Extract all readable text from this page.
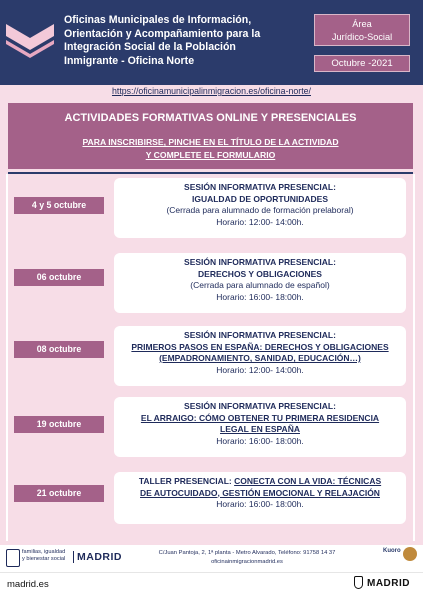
Oficinas Municipales de Información,
Orientación y Acompañamiento para la
Integración Social de la Población
Inmigrante - Oficina Norte
Área
Jurídico-Social
Octubre -2021
https://oficinamunicipalinmigracion.es/oficina-norte/
ACTIVIDADES FORMATIVAS ONLINE Y PRESENCIALES
PARA INSCRIBIRSE, PINCHE EN EL TÍTULO DE LA ACTIVIDAD
Y COMPLETE EL FORMULARIO
4 y 5 octubre
SESIÓN INFORMATIVA PRESENCIAL:
IGUALDAD DE OPORTUNIDADES
(Cerrada para alumnado de formación prelaboral)
Horario: 12:00- 14:00h.
06 octubre
SESIÓN INFORMATIVA PRESENCIAL:
DERECHOS Y OBLIGACIONES
(Cerrada para alumnado de español)
Horario: 16:00- 18:00h.
08 octubre
SESIÓN INFORMATIVA PRESENCIAL:
PRIMEROS PASOS EN ESPAÑA: DERECHOS Y OBLIGACIONES
(EMPADRONAMIENTO, SANIDAD, EDUCACIÓN…)
Horario: 12:00- 14:00h.
19 octubre
SESIÓN INFORMATIVA PRESENCIAL:
EL ARRAIGO: CÓMO OBTENER TU PRIMERA RESIDENCIA
LEGAL EN ESPAÑA
Horario: 16:00- 18:00h.
21 octubre
TALLER PRESENCIAL: CONECTA CON LA VIDA: TÉCNICAS
DE AUTOCUIDADO, GESTIÓN EMOCIONAL Y RELAJACIÓN
Horario: 16:00- 18:00h.
familias, igualdad
y bienestar social	MADRID	C/Juan Pantoja, 2, 1ª planta - Metro Alvarado, Teléfono: 91758 14 37
oficinainmigracionmadrid.es
Kuoro
madrid.es	MADRID
